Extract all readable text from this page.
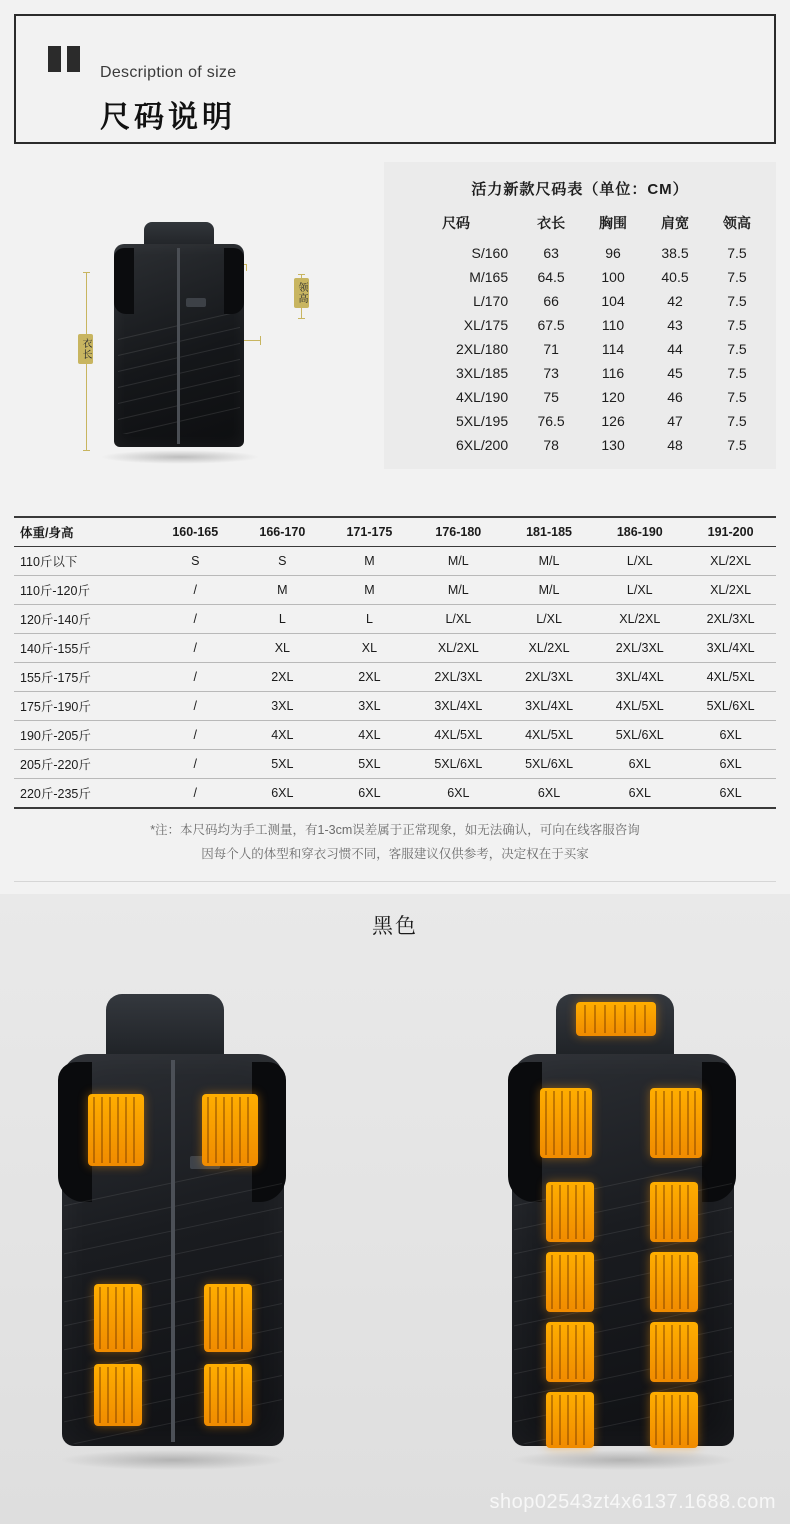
Description of size
尺码说明
领高
衣长
活力新款尺码表（单位：CM）
尺码	衣长	胸围	肩宽	领高
S/160	63	96	38.5	7.5
M/165	64.5	100	40.5	7.5
L/170	66	104	42	7.5
XL/175	67.5	110	43	7.5
2XL/180	71	114	44	7.5
3XL/185	73	116	45	7.5
4XL/190	75	120	46	7.5
5XL/195	76.5	126	47	7.5
6XL/200	78	130	48	7.5
体重/身高	160-165	166-170	171-175	176-180	181-185	186-190	191-200
110斤以下	S	S	M	M/L	M/L	L/XL	XL/2XL
110斤-120斤	/	M	M	M/L	M/L	L/XL	XL/2XL
120斤-140斤	/	L	L	L/XL	L/XL	XL/2XL	2XL/3XL
140斤-155斤	/	XL	XL	XL/2XL	XL/2XL	2XL/3XL	3XL/4XL
155斤-175斤	/	2XL	2XL	2XL/3XL	2XL/3XL	3XL/4XL	4XL/5XL
175斤-190斤	/	3XL	3XL	3XL/4XL	3XL/4XL	4XL/5XL	5XL/6XL
190斤-205斤	/	4XL	4XL	4XL/5XL	4XL/5XL	5XL/6XL	6XL
205斤-220斤	/	5XL	5XL	5XL/6XL	5XL/6XL	6XL	6XL
220斤-235斤	/	6XL	6XL	6XL	6XL	6XL	6XL
*注：本尺码均为手工测量，有1-3cm误差属于正常现象，如无法确认，可向在线客服咨询
因每个人的体型和穿衣习惯不同，客服建议仅供参考，决定权在于买家
黑色
shop02543zt4x6137.1688.com
